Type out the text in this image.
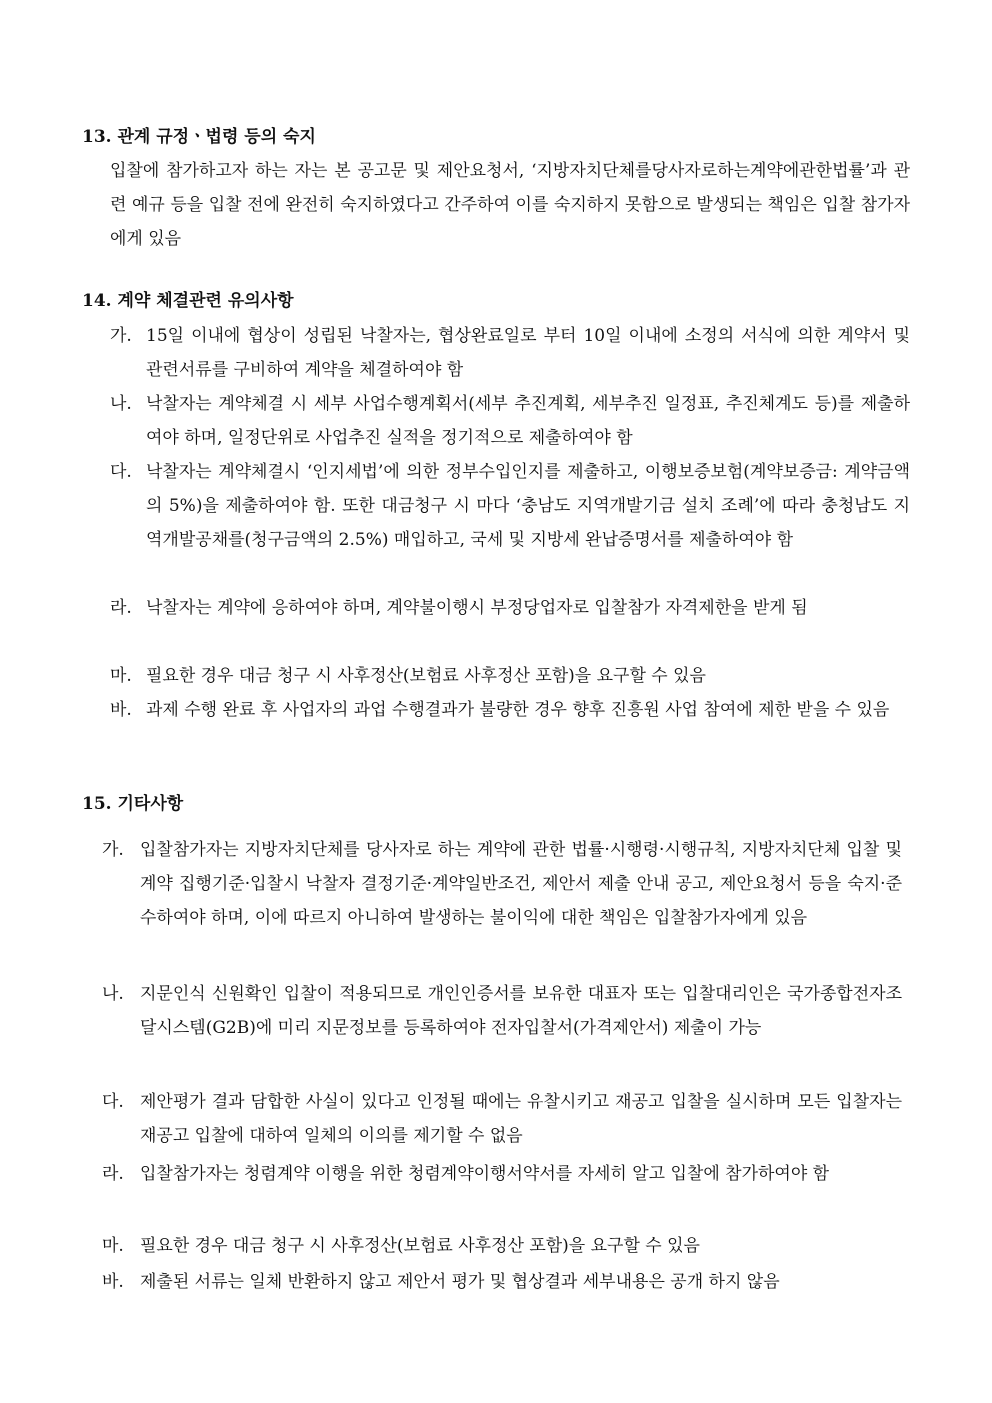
13. 관계 규정ㆍ법령 등의 숙지
입찰에 참가하고자 하는 자는 본 공고문 및 제안요청서, ‘지방자치단체를당사자로하는계약에관한법률’과 관련 예규 등을 입찰 전에 완전히 숙지하였다고 간주하여 이를 숙지하지 못함으로 발생되는 책임은 입찰 참가자에게 있음
14. 계약 체결관련 유의사항
가. 15일 이내에 협상이 성립된 낙찰자는, 협상완료일로 부터 10일 이내에 소정의 서식에 의한 계약서 및 관련서류를 구비하여 계약을 체결하여야 함
나. 낙찰자는 계약체결 시 세부 사업수행계획서(세부 추진계획, 세부추진 일정표, 추진체계도 등)를 제출하여야 하며, 일정단위로 사업추진 실적을 정기적으로 제출하여야 함
다. 낙찰자는 계약체결시 ‘인지세법’에 의한 정부수입인지를 제출하고, 이행보증보험(계약보증금: 계약금액의 5%)을 제출하여야 함. 또한 대금청구 시 마다 ‘충남도 지역개발기금 설치 조례’에 따라 충청남도 지역개발공채를(청구금액의 2.5%) 매입하고, 국세 및 지방세 완납증명서를 제출하여야 함
라. 낙찰자는 계약에 응하여야 하며, 계약불이행시 부정당업자로 입찰참가 자격제한을 받게 됨
마. 필요한 경우 대금 청구 시 사후정산(보험료 사후정산 포함)을 요구할 수 있음
바. 과제 수행 완료 후 사업자의 과업 수행결과가 불량한 경우 향후 진흥원 사업 참여에 제한 받을 수 있음
15. 기타사항
가. 입찰참가자는 지방자치단체를 당사자로 하는 계약에 관한 법률·시행령·시행규칙, 지방자치단체 입찰 및 계약 집행기준·입찰시 낙찰자 결정기준·계약일반조건, 제안서 제출 안내 공고, 제안요청서 등을 숙지·준수하여야 하며, 이에 따르지 아니하여 발생하는 불이익에 대한 책임은 입찰참가자에게 있음
나. 지문인식 신원확인 입찰이 적용되므로 개인인증서를 보유한 대표자 또는 입찰대리인은 국가종합전자조달시스템(G2B)에 미리 지문정보를 등록하여야 전자입찰서(가격제안서) 제출이 가능
다. 제안평가 결과 담합한 사실이 있다고 인정될 때에는 유찰시키고 재공고 입찰을 실시하며 모든 입찰자는 재공고 입찰에 대하여 일체의 이의를 제기할 수 없음
라. 입찰참가자는 청렴계약 이행을 위한 청렴계약이행서약서를 자세히 알고 입찰에 참가하여야 함
마. 필요한 경우 대금 청구 시 사후정산(보험료 사후정산 포함)을 요구할 수 있음
바. 제출된 서류는 일체 반환하지 않고 제안서 평가 및 협상결과 세부내용은 공개 하지 않음
